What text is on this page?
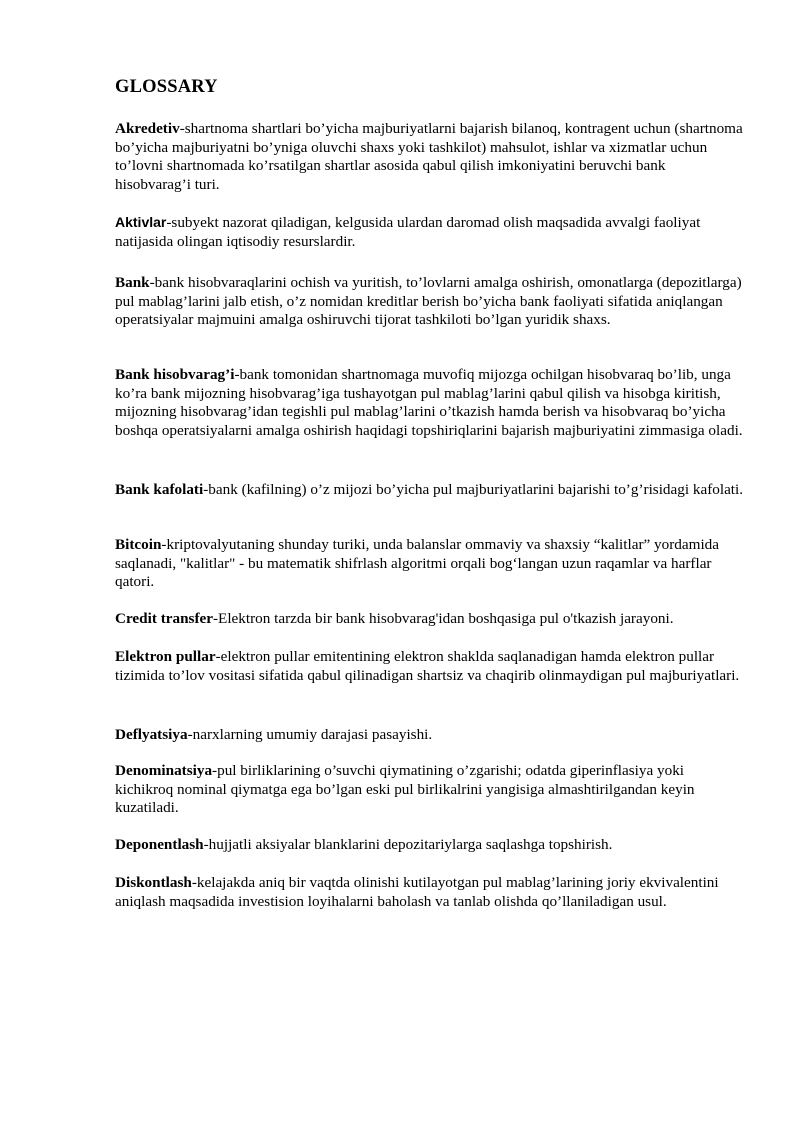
GLOSSARY

Akredetiv-shartnoma shartlari bo’yicha majburiyatlarni bajarish bilanoq, kontragent uchun (shartnoma bo’yicha majburiyatni bo’yniga oluvchi shaxs yoki tashkilot) mahsulot, ishlar va xizmatlar uchun to’lovni shartnomada ko’rsatilgan shartlar asosida qabul qilish imkoniyatini beruvchi bank hisobvarag’i turi.

Aktivlar-subyekt nazorat qiladigan, kelgusida ulardan daromad olish maqsadida avvalgi faoliyat natijasida olingan iqtisodiy resurslardir.

Bank-bank hisobvaraqlarini ochish va yuritish, to’lovlarni amalga oshirish, omonatlarga (depozitlarga) pul mablag’larini jalb etish, o’z nomidan kreditlar berish bo’yicha bank faoliyati sifatida aniqlangan operatsiyalar majmuini amalga oshiruvchi tijorat tashkiloti bo’lgan yuridik shaxs.

Bank hisobvarag’i-bank tomonidan shartnomaga muvofiq mijozga ochilgan hisobvaraq bo’lib, unga ko’ra bank mijozning hisobvarag’iga tushayotgan pul mablag’larini qabul qilish va hisobga kiritish, mijozning hisobvarag’idan tegishli pul mablag’larini o’tkazish hamda berish va hisobvaraq bo’yicha boshqa operatsiyalarni amalga oshirish haqidagi topshiriqlarini bajarish majburiyatini zimmasiga oladi.

Bank kafolati-bank (kafilning) o’z mijozi bo’yicha pul majburiyatlarini bajarishi to’g’risidagi kafolati.

Bitcoin-kriptovalyutaning shunday turiki, unda balanslar ommaviy va shaxsiy “kalitlar” yordamida saqlanadi, "kalitlar" - bu matematik shifrlash algoritmi orqali bog‘langan uzun raqamlar va harflar qatori.

Credit transfer-Elektron tarzda bir bank hisobvarag'idan boshqasiga pul o'tkazish jarayoni.

Elektron pullar-elektron pullar emitentining elektron shaklda saqlanadigan hamda elektron pullar tizimida to’lov vositasi sifatida qabul qilinadigan shartsiz va chaqirib olinmaydigan pul majburiyatlari.

Deflyatsiya-narxlarning umumiy darajasi pasayishi.

Denominatsiya-pul birliklarining o’suvchi qiymatining o’zgarishi; odatda giperinflasiya yoki kichikroq nominal qiymatga ega bo’lgan eski pul birlikalrini yangisiga almashtirilgandan keyin kuzatiladi.

Deponentlash-hujjatli aksiyalar blanklarini depozitariylarga saqlashga topshirish.

Diskontlash-kelajakda aniq bir vaqtda olinishi kutilayotgan pul mablag’larining joriy ekvivalentini aniqlash maqsadida investision loyihalarni baholash va tanlab olishda qo’llaniladigan usul.
